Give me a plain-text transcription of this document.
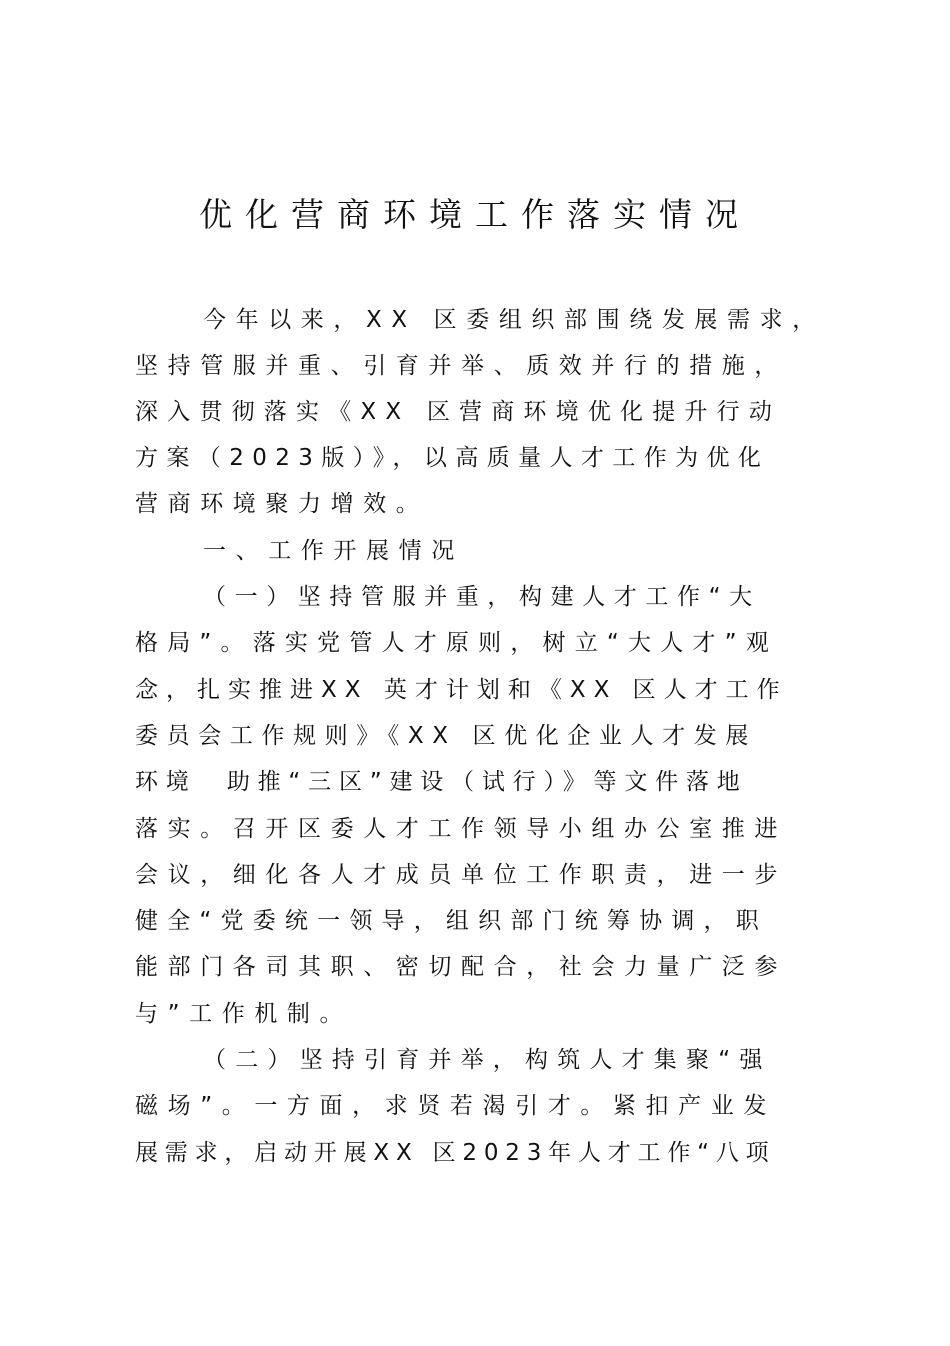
优化营商环境工作落实情况
今年以来，XX 区委组织部围绕发展需求，
坚持管服并重、引育并举、质效并行的措施，
深入贯彻落实《XX 区营商环境优化提升行动
方案（2023版）》，以高质量人才工作为优化
营商环境聚力增效。
一、工作开展情况
（一）坚持管服并重，构建人才工作“大
格局”。落实党管人才原则，树立“大人才”观
念，扎实推进XX 英才计划和《XX 区人才工作
委员会工作规则》《XX 区优化企业人才发展
环境  助推“三区”建设（试行）》等文件落地
落实。召开区委人才工作领导小组办公室推进
会议，细化各人才成员单位工作职责，进一步
健全“党委统一领导，组织部门统筹协调，职
能部门各司其职、密切配合，社会力量广泛参
与”工作机制。
（二）坚持引育并举，构筑人才集聚“强
磁场”。一方面，求贤若渴引才。紧扣产业发
展需求，启动开展XX 区2023年人才工作“八项
